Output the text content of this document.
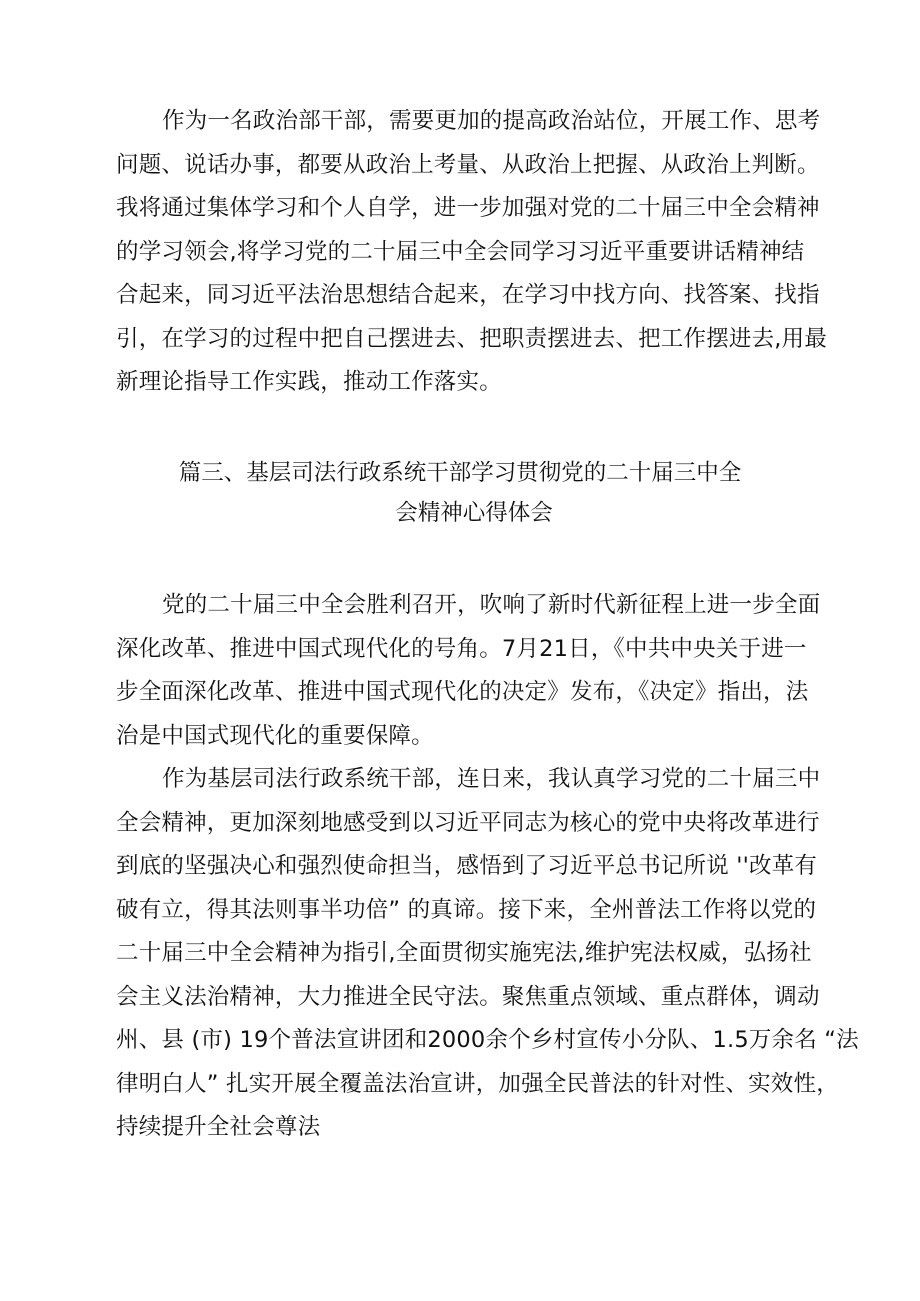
作为一名政治部干部，需要更加的提高政治站位，开展工作、思考
问题、说话办事，都要从政治上考量、从政治上把握、从政治上判断。
我将通过集体学习和个人自学，进一步加强对党的二十届三中全会精神
的学习领会,将学习党的二十届三中全会同学习习近平重要讲话精神结
合起来，同习近平法治思想结合起来，在学习中找方向、找答案、找指
引，在学习的过程中把自己摆进去、把职责摆进去、把工作摆进去,用最
新理论指导工作实践，推动工作落实。
篇三、基层司法行政系统干部学习贯彻党的二十届三中全
会精神心得体会
党的二十届三中全会胜利召开，吹响了新时代新征程上进一步全面
深化改革、推进中国式现代化的号角。7月21日，《中共中央关于进一
步全面深化改革、推进中国式现代化的决定》发布，《决定》指出，法
治是中国式现代化的重要保障。
作为基层司法行政系统干部，连日来，我认真学习党的二十届三中
全会精神，更加深刻地感受到以习近平同志为核心的党中央将改革进行
到底的坚强决心和强烈使命担当，感悟到了习近平总书记所说 ''改革有
破有立，得其法则事半功倍” 的真谛。接下来，全州普法工作将以党的
二十届三中全会精神为指引,全面贯彻实施宪法,维护宪法权威，弘扬社
会主义法治精神，大力推进全民守法。聚焦重点领域、重点群体，调动
州、县 (市) 19个普法宣讲团和2000余个乡村宣传小分队、1.5万余名 “法
律明白人” 扎实开展全覆盖法治宣讲，加强全民普法的针对性、实效性，
持续提升全社会尊法
